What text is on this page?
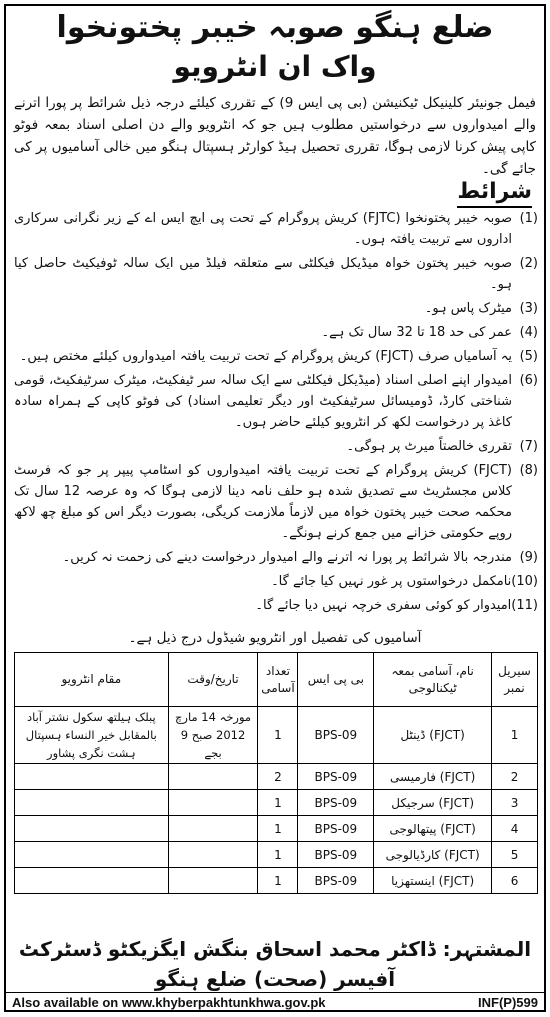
ضلع ہنگو صوبہ خیبر پختونخوا
واک ان انٹرویو
فیمل جونیئر کلینیکل ٹیکنیشن (بی پی ایس 9) کے تقرری کیلئے درجہ ذیل شرائط پر پورا اترنے والے امیدواروں سے درخواستیں مطلوب ہیں جو کہ انٹرویو والے دن اصلی اسناد بمعہ فوٹو کاپی پیش کرنا لازمی ہوگا، تقرری تحصیل ہیڈ کوارٹر ہسپتال ہنگو میں خالی آسامیوں پر کی جائے گی۔
شرائط
(1)
صوبہ خیبر پختونخوا (FJTC) کریش پروگرام کے تحت پی ایچ ایس اے کے زیر نگرانی سرکاری اداروں سے تربیت یافتہ ہوں۔
(2)
صوبہ خیبر پختون خواہ میڈیکل فیکلٹی سے متعلقہ فیلڈ میں ایک سالہ ٹوفیکیٹ حاصل کیا ہو۔
(3)
میٹرک پاس ہو۔
(4)
عمر کی حد 18 تا 32 سال تک ہے۔
(5)
یہ آسامیاں صرف (FJCT) کریش پروگرام کے تحت تربیت یافتہ امیدواروں کیلئے مختص ہیں۔
(6)
امیدوار اپنے اصلی اسناد (میڈیکل فیکلٹی سے ایک سالہ سر ٹیفکیٹ، میٹرک سرٹیفکیٹ، قومی شناختی کارڈ، ڈومیسائل سرٹیفکیٹ اور دیگر تعلیمی اسناد) کی فوٹو کاپی کے ہمراہ سادہ کاغذ پر درخواست لکھ کر انٹرویو کیلئے حاضر ہوں۔
(7)
تقرری خالصتاً میرٹ پر ہوگی۔
(8)
(FJCT) کریش پروگرام کے تحت تربیت یافتہ امیدواروں کو اسٹامپ پیپر پر جو کہ فرسٹ کلاس مجسٹریٹ سے تصدیق شدہ ہو حلف نامہ دینا لازمی ہوگا کہ وہ عرصہ 12 سال تک محکمہ صحت خیبر پختون خواہ میں لازماً ملازمت کریگی، بصورت دیگر اس کو مبلغ چھ لاکھ روپے حکومتی خزانے میں جمع کرنے ہونگے۔
(9)
مندرجہ بالا شرائط پر پورا نہ اترنے والے امیدوار درخواست دینے کی زحمت نہ کریں۔
(10)
نامکمل درخواستوں پر غور نہیں کیا جائے گا۔
(11)
امیدوار کو کوئی سفری خرچہ نہیں دیا جائے گا۔
آسامیوں کی تفصیل اور انٹرویو شیڈول درج ذیل ہے۔
سیریل نمبر	نام، آسامی بمعہ ٹیکنالوجی	بی پی ایس	تعداد آسامی	تاریخ/وقت	مقام انٹرویو
1	(FJCT) ڈینٹل	BPS-09	1	مورخہ 14 مارچ 2012 صبح 9 بجے	پبلک ہیلتھ سکول نشتر آباد بالمقابل خیر النساء ہسپتال ہشت نگری پشاور
2	(FJCT) فارمیسی	BPS-09	2		
3	(FJCT) سرجیکل	BPS-09	1		
4	(FJCT) پیتھالوجی	BPS-09	1		
5	(FJCT) کارڈیالوجی	BPS-09	1		
6	(FJCT) اینستھزیا	BPS-09	1		
المشتہر: ڈاکٹر محمد اسحاق بنگش ایگزیکٹو ڈسٹرکٹ آفیسر (صحت) ضلع ہنگو
Also available on www.khyberpakhtunkhwa.gov.pk	INF(P)599
